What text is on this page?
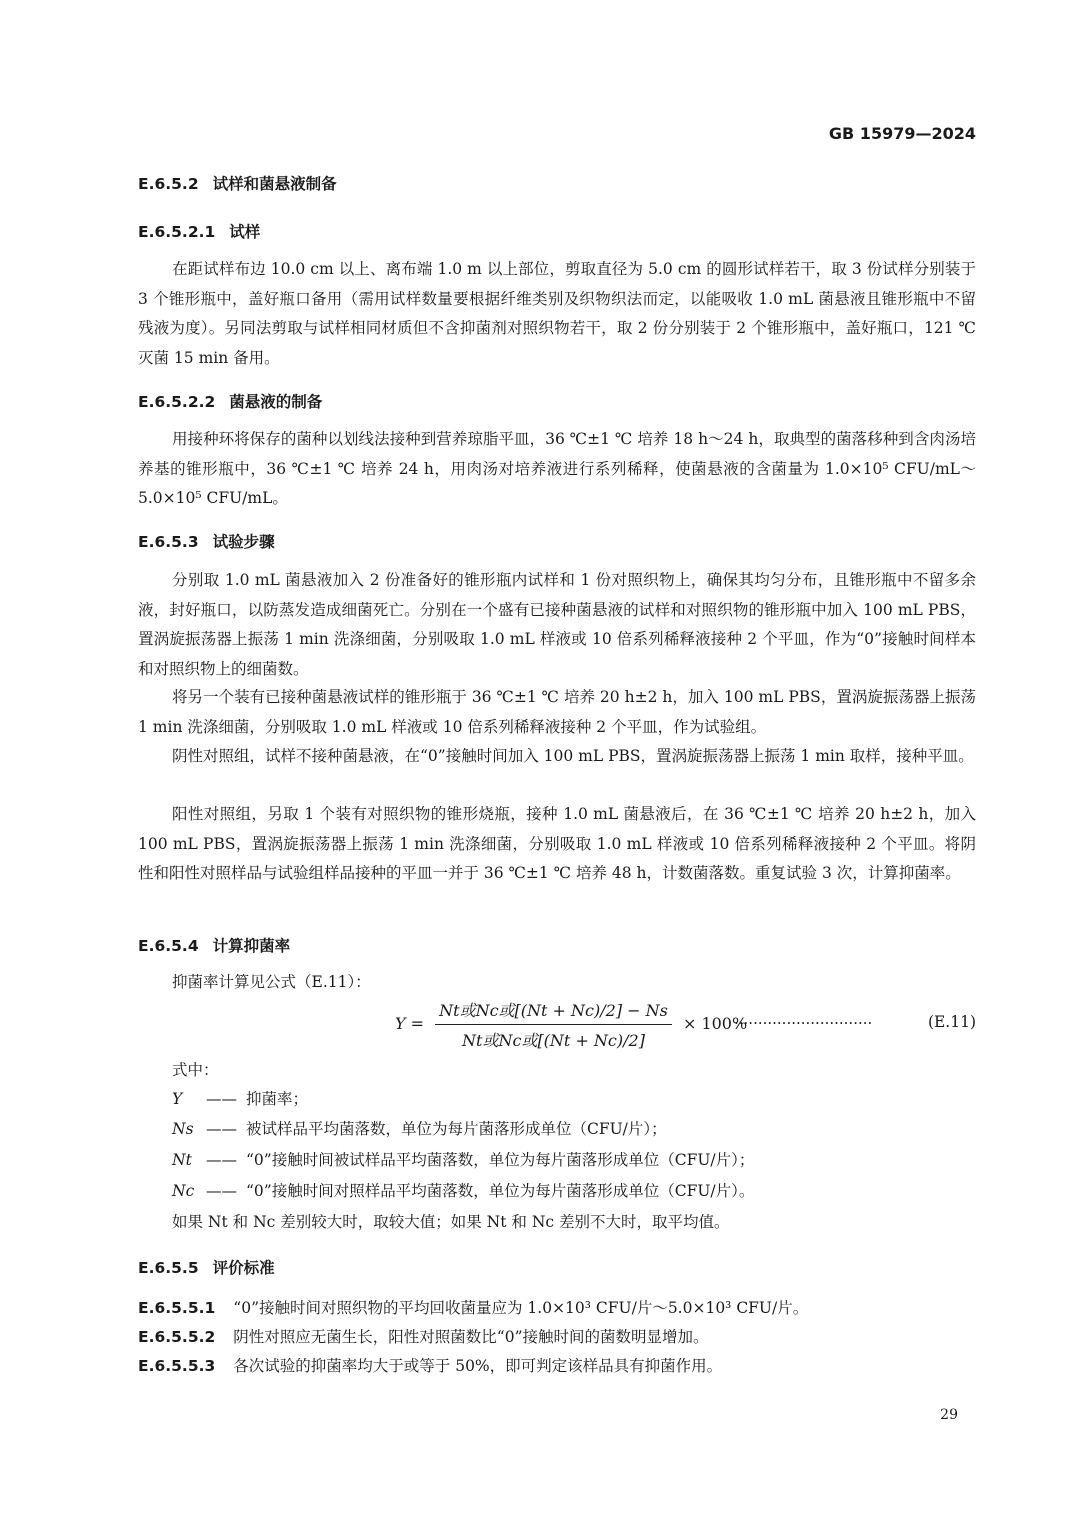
GB 15979—2024
E.6.5.2 试样和菌悬液制备
E.6.5.2.1 试样

在距试样布边 10.0 cm 以上、离布端 1.0 m 以上部位，剪取直径为 5.0 cm 的圆形试样若干，取 3 份试样分别装于 3 个锥形瓶中，盖好瓶口备用（需用试样数量要根据纤维类别及织物织法而定，以能吸收 1.0 mL 菌悬液且锥形瓶中不留残液为度）。另同法剪取与试样相同材质但不含抑菌剂对照织物若干，取 2 份分别装于 2 个锥形瓶中，盖好瓶口，121 ℃ 灭菌 15 min 备用。

E.6.5.2.2 菌悬液的制备

用接种环将保存的菌种以划线法接种到营养琼脂平皿，36 ℃±1 ℃ 培养 18 h～24 h，取典型的菌落移种到含肉汤培养基的锥形瓶中，36 ℃±1 ℃ 培养 24 h，用肉汤对培养液进行系列稀释，使菌悬液的含菌量为 1.0×10⁵ CFU/mL～5.0×10⁵ CFU/mL。

E.6.5.3 试验步骤

分别取 1.0 mL 菌悬液加入 2 份准备好的锥形瓶内试样和 1 份对照织物上，确保其均匀分布，且锥形瓶中不留多余液，封好瓶口，以防蒸发造成细菌死亡。分别在一个盛有已接种菌悬液的试样和对照织物的锥形瓶中加入 100 mL PBS，置涡旋振荡器上振荡 1 min 洗涤细菌，分别吸取 1.0 mL 样液或 10 倍系列稀释液接种 2 个平皿，作为“0”接触时间样本和对照织物上的细菌数。

将另一个装有已接种菌悬液试样的锥形瓶于 36 ℃±1 ℃ 培养 20 h±2 h，加入 100 mL PBS，置涡旋振荡器上振荡 1 min 洗涤细菌，分别吸取 1.0 mL 样液或 10 倍系列稀释液接种 2 个平皿，作为试验组。

阴性对照组，试样不接种菌悬液，在“0”接触时间加入 100 mL PBS，置涡旋振荡器上振荡 1 min 取样，接种平皿。

阳性对照组，另取 1 个装有对照织物的锥形烧瓶，接种 1.0 mL 菌悬液后，在 36 ℃±1 ℃ 培养 20 h±2 h，加入 100 mL PBS，置涡旋振荡器上振荡 1 min 洗涤细菌，分别吸取 1.0 mL 样液或 10 倍系列稀释液接种 2 个平皿。将阴性和阳性对照样品与试验组样品接种的平皿一并于 36 ℃±1 ℃ 培养 48 h，计数菌落数。重复试验 3 次，计算抑菌率。

E.6.5.4 计算抑菌率

抑菌率计算见公式（E.11）：

$Y = \frac{\text{Nt或Nc或[(Nt + Nc)/2] − Ns}}{\text{Nt或Nc或[(Nt + Nc)/2]}} \times 100\%$
·····························	(E.11)
式中：
Y —— 抑菌率；
Ns —— 被试样品平均菌落数，单位为每片菌落形成单位（CFU/片）；
Nt —— “0”接触时间被试样品平均菌落数，单位为每片菌落形成单位（CFU/片）；
Nc —— “0”接触时间对照样品平均菌落数，单位为每片菌落形成单位（CFU/片）。

如果 Nt 和 Nc 差别较大时，取较大值；如果 Nt 和 Nc 差别不大时，取平均值。

E.6.5.5 评价标准
E.6.5.5.1 “0”接触时间对照织物的平均回收菌量应为 1.0×10³ CFU/片～5.0×10³ CFU/片。
E.6.5.5.2 阴性对照应无菌生长，阳性对照菌数比“0”接触时间的菌数明显增加。
E.6.5.5.3 各次试验的抑菌率均大于或等于 50%，即可判定该样品具有抑菌作用。
29
